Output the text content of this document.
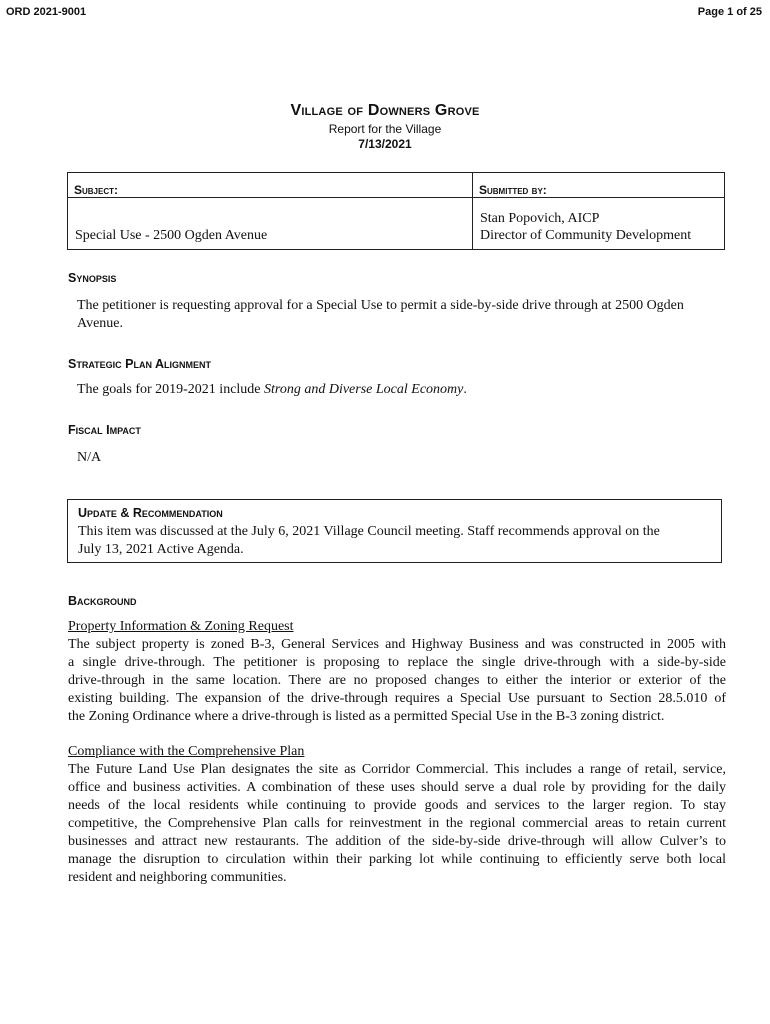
ORD 2021-9001	Page 1 of 25
Village of Downers Grove
Report for the Village
7/13/2021
Subject:	Submitted by:
Special Use - 2500 Ogden Avenue	Stan Popovich, AICP
Director of Community Development
Synopsis
The petitioner is requesting approval for a Special Use to permit a side-by-side drive through at 2500 Ogden
Avenue.
Strategic Plan Alignment
The goals for 2019-2021 include Strong and Diverse Local Economy.
Fiscal Impact
N/A
Update & Recommendation
This item was discussed at the July 6, 2021 Village Council meeting. Staff recommends approval on the
July 13, 2021 Active Agenda.
Background
Property Information & Zoning Request
The subject property is zoned B-3, General Services and Highway Business and was constructed in 2005 with
a single drive-through. The petitioner is proposing to replace the single drive-through with a side-by-side
drive-through in the same location. There are no proposed changes to either the interior or exterior of the
existing building. The expansion of the drive-through requires a Special Use pursuant to Section 28.5.010 of
the Zoning Ordinance where a drive-through is listed as a permitted Special Use in the B-3 zoning district.
Compliance with the Comprehensive Plan
The Future Land Use Plan designates the site as Corridor Commercial. This includes a range of retail, service,
office and business activities. A combination of these uses should serve a dual role by providing for the daily
needs of the local residents while continuing to provide goods and services to the larger region. To stay
competitive, the Comprehensive Plan calls for reinvestment in the regional commercial areas to retain current
businesses and attract new restaurants. The addition of the side-by-side drive-through will allow Culver’s to
manage the disruption to circulation within their parking lot while continuing to efficiently serve both local
resident and neighboring communities.
